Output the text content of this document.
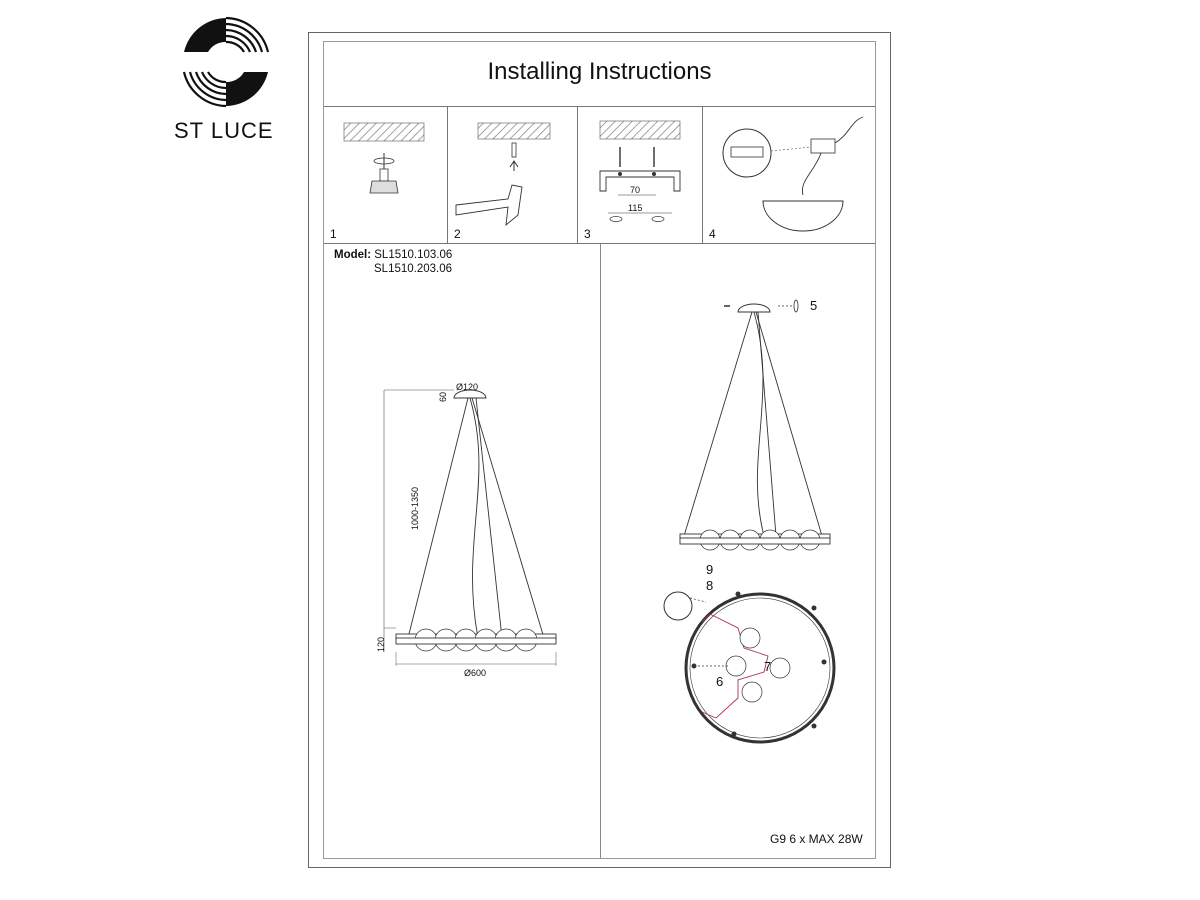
ST LUCE
Installing Instructions
1	2
70
115
3	4
Model: SL1510.103.06
SL1510.203.06
Ø120
60
1000-1350
120
Ø600
5
7
6
8
9
G9 6 x MAX 28W
